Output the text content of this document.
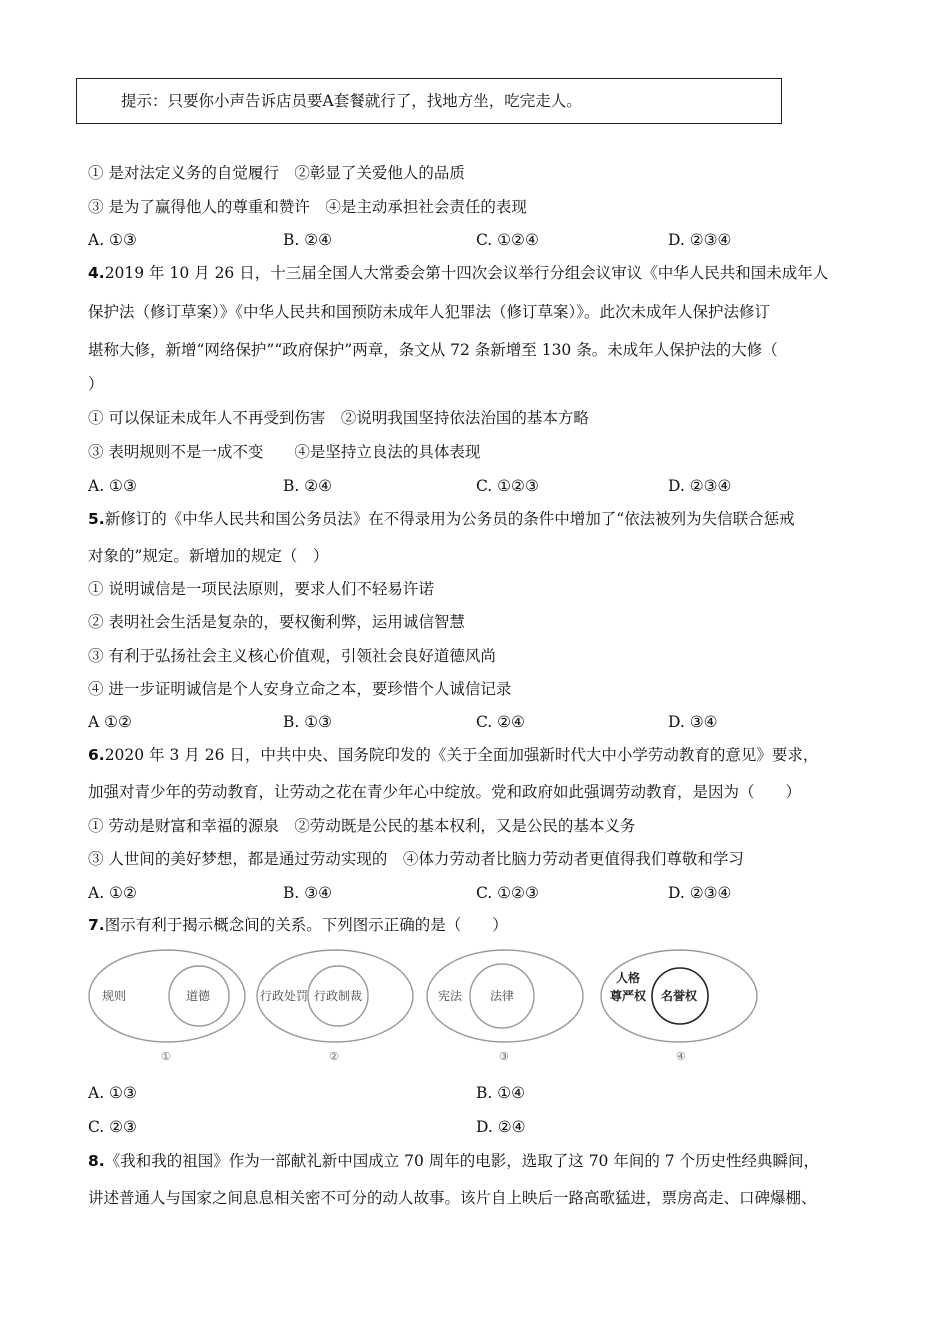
提示：只要你小声告诉店员要A套餐就行了，找地方坐，吃完走人。
① 是对法定义务的自觉履行　②彰显了关爱他人的品质
③ 是为了赢得他人的尊重和赞许　④是主动承担社会责任的表现
A. ①③	B. ②④	C. ①②④	D. ②③④
4.2019 年 10 月 26 日，十三届全国人大常委会第十四次会议举行分组会议审议《中华人民共和国未成年人
保护法（修订草案）》《中华人民共和国预防未成年人犯罪法（修订草案）》。此次未成年人保护法修订
堪称大修，新增“网络保护”“政府保护”两章，条文从 72 条新增至 130 条。未成年人保护法的大修（
）
① 可以保证未成年人不再受到伤害　②说明我国坚持依法治国的基本方略
③ 表明规则不是一成不变　　④是坚持立良法的具体表现
A. ①③	B. ②④	C. ①②③	D. ②③④
5.新修订的《中华人民共和国公务员法》在不得录用为公务员的条件中增加了“依法被列为失信联合惩戒
对象的”规定。新增加的规定（　）
① 说明诚信是一项民法原则，要求人们不轻易许诺
② 表明社会生活是复杂的，要权衡利弊，运用诚信智慧
③ 有利于弘扬社会主义核心价值观，引领社会良好道德风尚
④ 进一步证明诚信是个人安身立命之本，要珍惜个人诚信记录
A ①②	B. ①③	C. ②④	D. ③④
6.2020 年 3 月 26 日，中共中央、国务院印发的《关于全面加强新时代大中小学劳动教育的意见》要求，
加强对青少年的劳动教育，让劳动之花在青少年心中绽放。党和政府如此强调劳动教育，是因为（　　）
① 劳动是财富和幸福的源泉　②劳动既是公民的基本权利，又是公民的基本义务
③ 人世间的美好梦想，都是通过劳动实现的　④体力劳动者比脑力劳动者更值得我们尊敬和学习
A. ①②	B. ③④	C. ①②③	D. ②③④
7.图示有利于揭示概念间的关系。下列图示正确的是（　　）
规则	道德
①
行政处罚 行政制裁
②
宪法 法律
③
人格
尊严权 名誉权
④
A. ①③	B. ①④
C. ②③	D. ②④
8.《我和我的祖国》作为一部献礼新中国成立 70 周年的电影，选取了这 70 年间的 7 个历史性经典瞬间，
讲述普通人与国家之间息息相关密不可分的动人故事。该片自上映后一路高歌猛进，票房高走、口碑爆棚、
